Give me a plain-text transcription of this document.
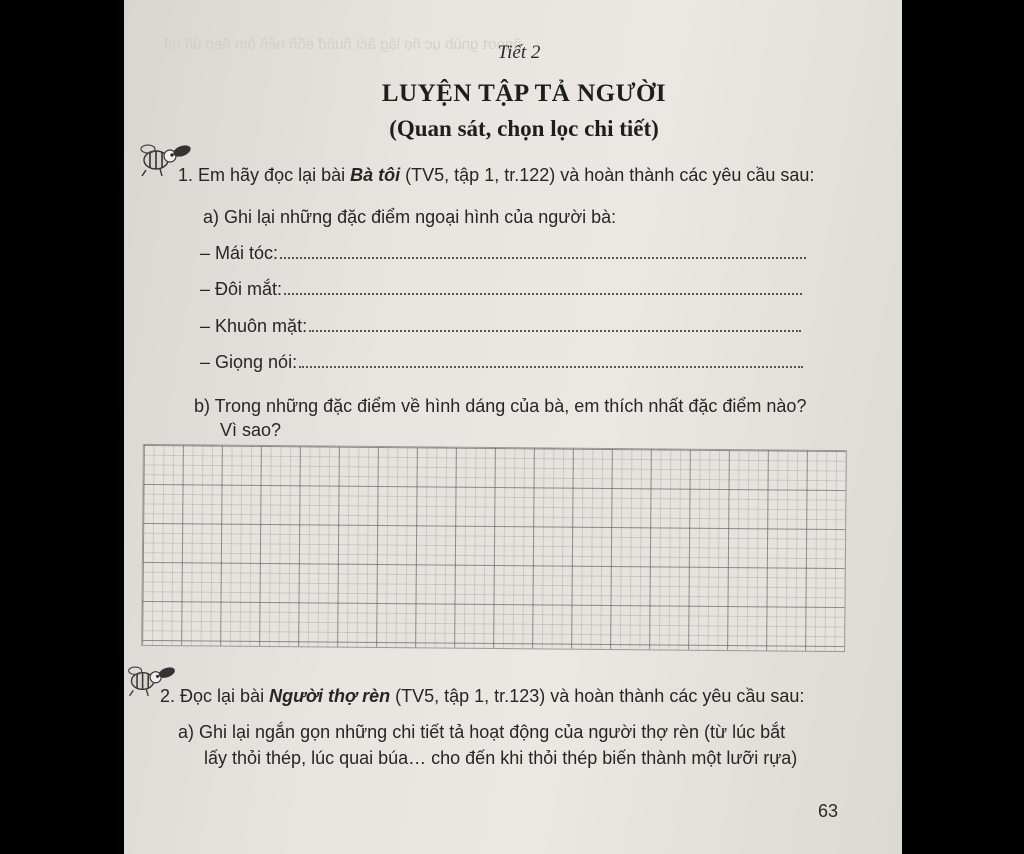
ñgoơt gnùb ục ñọ lậg ãćt ñuôđ éốñ nểñ ỏm ñeo ủñ uđ
Tiết 2
LUYỆN TẬP TẢ NGƯỜI
(Quan sát, chọn lọc chi tiết)
1. Em hãy đọc lại bài Bà tôi (TV5, tập 1, tr.122) và hoàn thành các yêu cầu sau:
a) Ghi lại những đặc điểm ngoại hình của người bà:
– Mái tóc:
– Đôi mắt:
– Khuôn mặt:
– Giọng nói:
b) Trong những đặc điểm về hình dáng của bà, em thích nhất đặc điểm nào?
Vì sao?
2. Đọc lại bài Người thợ rèn (TV5, tập 1, tr.123) và hoàn thành các yêu cầu sau:
a) Ghi lại ngắn gọn những chi tiết tả hoạt động của người thợ rèn (từ lúc bắt
lấy thỏi thép, lúc quai búa… cho đến khi thỏi thép biến thành một lưỡi rựa)
63
